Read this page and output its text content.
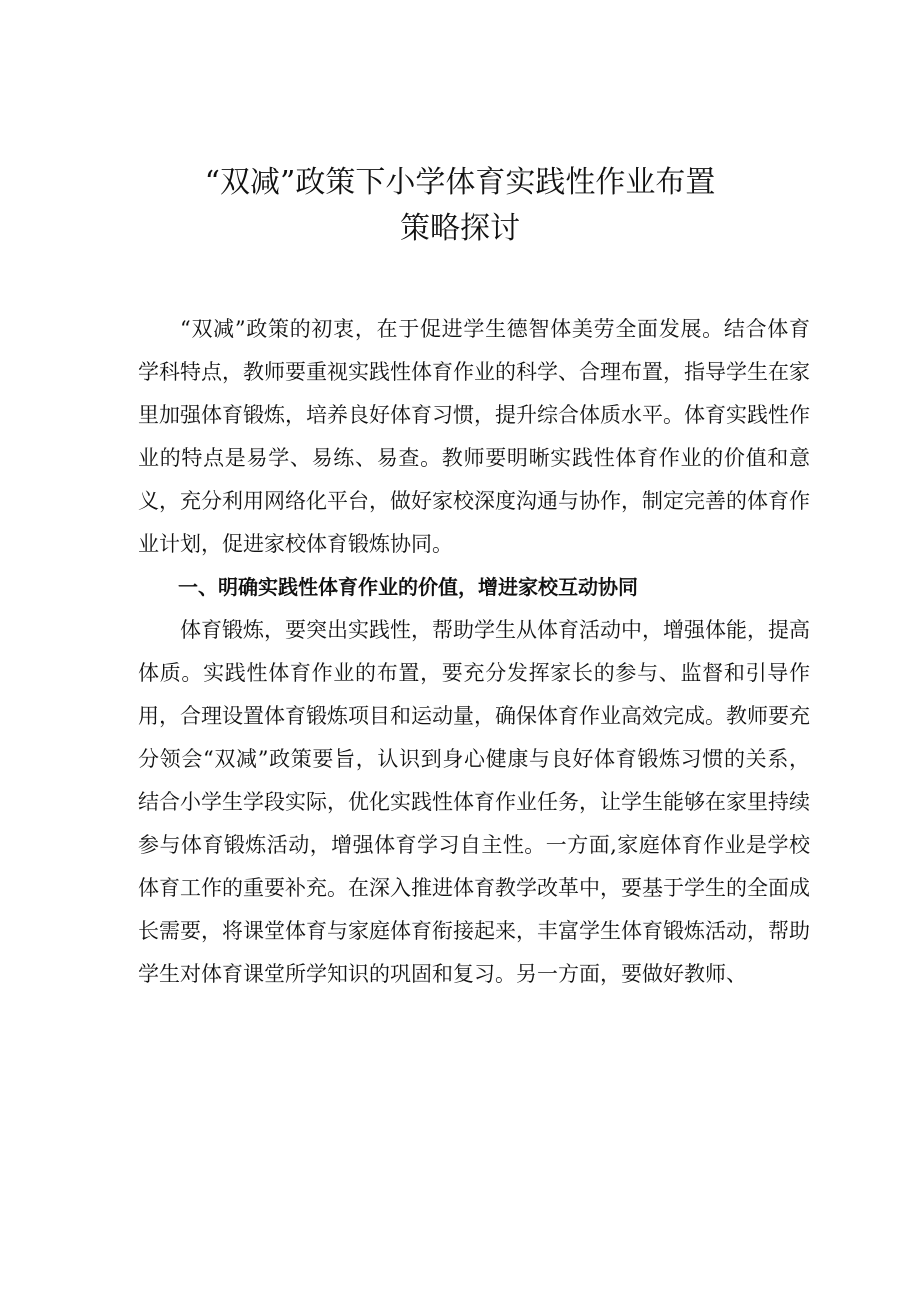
“双减”政策下小学体育实践性作业布置
策略探讨

“双减”政策的初衷，在于促进学生德智体美劳全面发展。结合体育学科特点，教师要重视实践性体育作业的科学、合理布置，指导学生在家里加强体育锻炼，培养良好体育习惯，提升综合体质水平。体育实践性作业的特点是易学、易练、易查。教师要明晰实践性体育作业的价值和意义，充分利用网络化平台，做好家校深度沟通与协作，制定完善的体育作业计划，促进家校体育锻炼协同。

一、明确实践性体育作业的价值，增进家校互动协同

体育锻炼，要突出实践性，帮助学生从体育活动中，增强体能，提高体质。实践性体育作业的布置，要充分发挥家长的参与、监督和引导作用，合理设置体育锻炼项目和运动量，确保体育作业高效完成。教师要充分领会“双减”政策要旨，认识到身心健康与良好体育锻炼习惯的关系，结合小学生学段实际，优化实践性体育作业任务，让学生能够在家里持续参与体育锻炼活动，增强体育学习自主性。一方面,家庭体育作业是学校体育工作的重要补充。在深入推进体育教学改革中，要基于学生的全面成长需要，将课堂体育与家庭体育衔接起来，丰富学生体育锻炼活动，帮助学生对体育课堂所学知识的巩固和复习。另一方面，要做好教师、
